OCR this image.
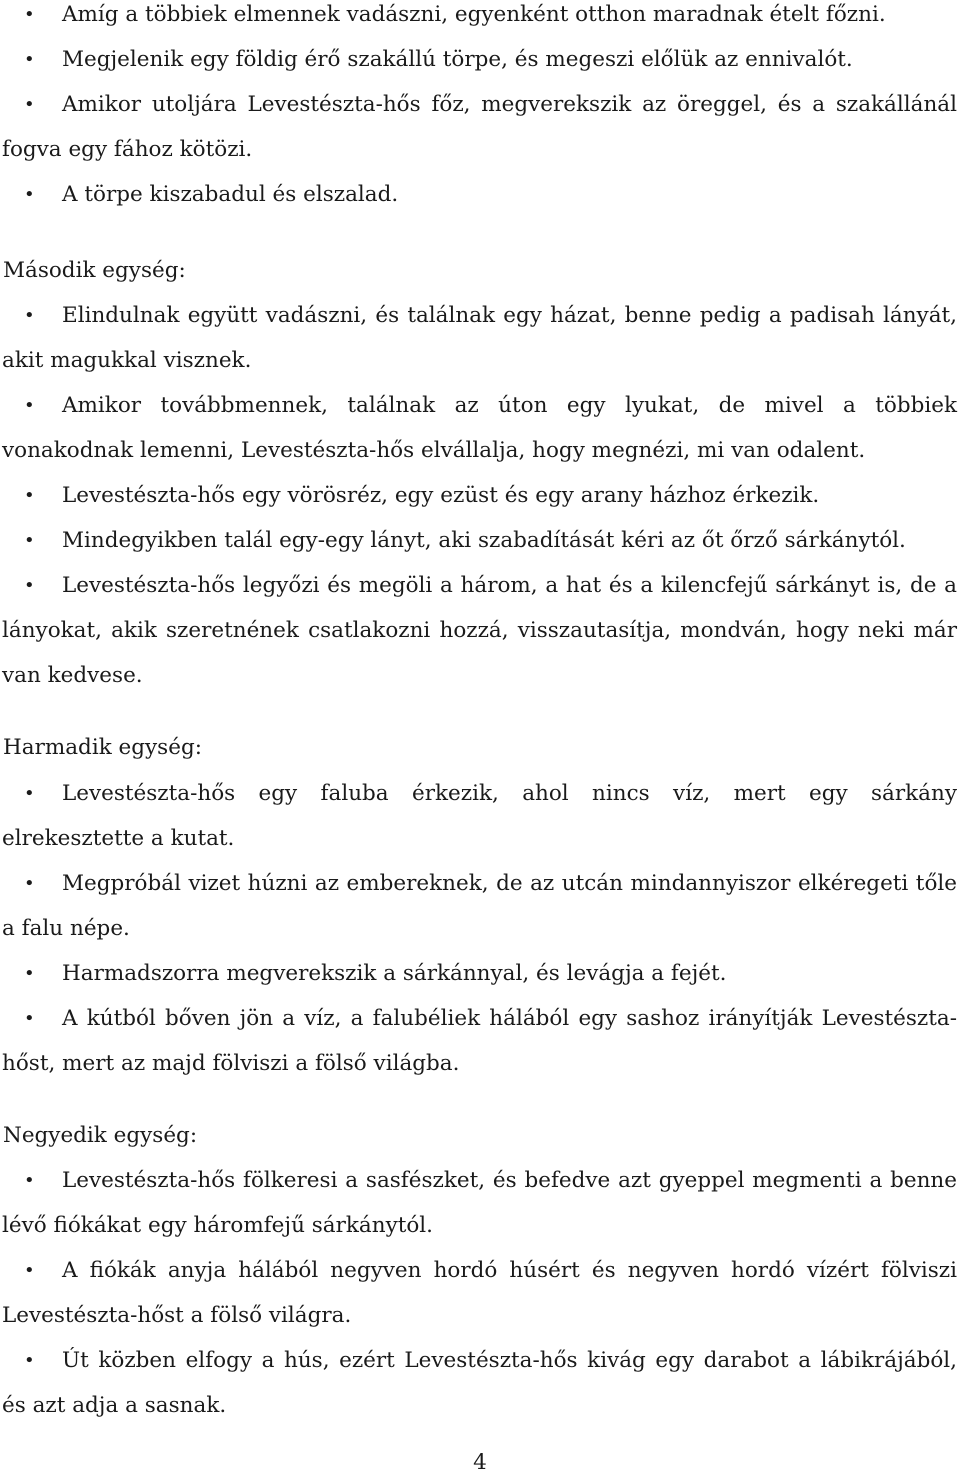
• Amíg a többiek elmennek vadászni, egyenként otthon maradnak ételt főzni.

• Megjelenik egy földig érő szakállú törpe, és megeszi előlük az ennivalót.

• Amikor utoljára Levestészta-hős főz, megverekszik az öreggel, és a szakállánál fogva egy fához kötözi.

• A törpe kiszabadul és elszalad.

Második egység:

• Elindulnak együtt vadászni, és találnak egy házat, benne pedig a padisah lányát, akit magukkal visznek.

• Amikor továbbmennek, találnak az úton egy lyukat, de mivel a többiek vonakodnak lemenni, Levestészta-hős elvállalja, hogy megnézi, mi van odalent.

• Levestészta-hős egy vörösréz, egy ezüst és egy arany házhoz érkezik.

• Mindegyikben talál egy-egy lányt, aki szabadítását kéri az őt őrző sárkánytól.

• Levestészta-hős legyőzi és megöli a három, a hat és a kilencfejű sárkányt is, de a lányokat, akik szeretnének csatlakozni hozzá, visszautasítja, mondván, hogy neki már van kedvese.

Harmadik egység:

• Levestészta-hős egy faluba érkezik, ahol nincs víz, mert egy sárkány elrekesztette a kutat.

• Megpróbál vizet húzni az embereknek, de az utcán mindannyiszor elkéregeti tőle a falu népe.

• Harmadszorra megverekszik a sárkánnyal, és levágja a fejét.

• A kútból bőven jön a víz, a falubéliek hálából egy sashoz irányítják Levestészta-hőst, mert az majd fölviszi a fölső világba.

Negyedik egység:

• Levestészta-hős fölkeresi a sasfészket, és befedve azt gyeppel megmenti a benne lévő fiókákat egy háromfejű sárkánytól.

• A fiókák anyja hálából negyven hordó húsért és negyven hordó vízért fölviszi Levestészta-hőst a fölső világra.

• Út közben elfogy a hús, ezért Levestészta-hős kivág egy darabot a lábikrájából, és azt adja a sasnak.

4
